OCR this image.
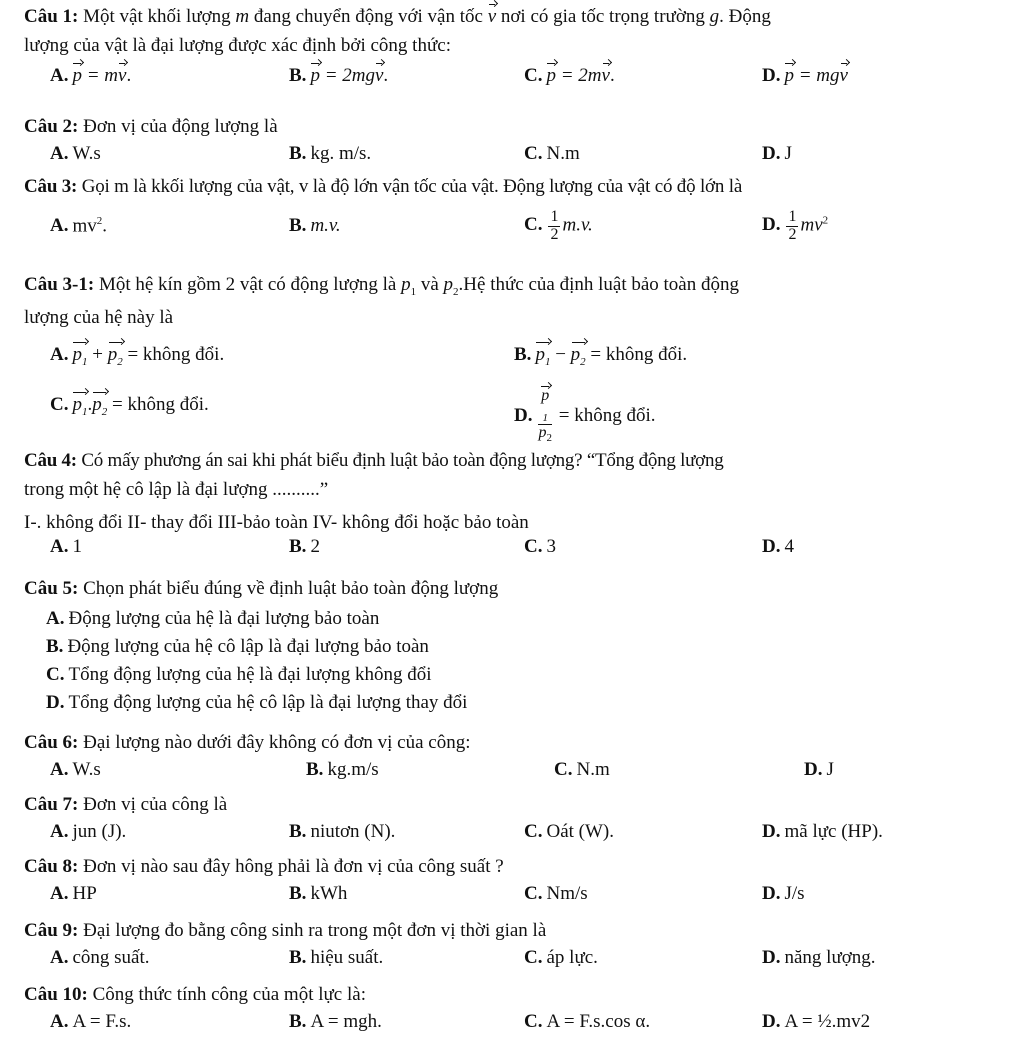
Câu 1: Một vật khối lượng m đang chuyển động với vận tốc v nơi có gia tốc trọng trường g. Động
lượng của vật là đại lượng được xác định bởi công thức:
A. p = mv.	B. p = 2mgv.	C. p = 2mv.	D. p = mgv
Câu 2: Đơn vị của động lượng là
A. W.s	B. kg. m/s.	C. N.m	D. J
Câu 3: Gọi m là kkối lượng của vật, v là độ lớn vận tốc của vật. Động lượng của vật có độ lớn là
A. $mv^2$.	B. m.v.	C. $\frac{1}{2} m.v$.	D. $\frac{1}{2} mv^2$
Câu 3-1: Một hệ kín gồm 2 vật có động lượng là $p_1$ và $p_2.Hệ$ thức của định luật bảo toàn động
lượng của hệ này là
A. $p_1 + p_2$ = không đổi.	B. $p_1 - p_2$ = không đổi.
C. $p_1.p_2$ = không đổi.
D. p
$_1$
$p_2$ = không đổi.
Câu 4: Có mấy phương án sai khi phát biểu định luật bảo toàn động lượng? “Tổng động lượng
trong một hệ cô lập là đại lượng ..........”
I-. không đổi II- thay đổi III-bảo toàn IV- không đổi hoặc bảo toàn
A. 1	B. 2	C. 3	D. 4
Câu 5: Chọn phát biểu đúng về định luật bảo toàn động lượng
A. Động lượng của hệ là đại lượng bảo toàn
B. Động lượng của hệ cô lập là đại lượng bảo toàn
C. Tổng động lượng của hệ là đại lượng không đổi
D. Tổng động lượng của hệ cô lập là đại lượng thay đổi
Câu 6: Đại lượng nào dưới đây không có đơn vị của công:
A. W.s	B. kg.m/s	C. N.m	D. J
Câu 7: Đơn vị của công là
A. jun (J).	B. niutơn (N).	C. Oát (W).	D. mã lực (HP).
Câu 8: Đơn vị nào sau đây hông phải là đơn vị của công suất ?
A. HP	B. kWh	C. Nm/s	D. J/s
Câu 9: Đại lượng đo bằng công sinh ra trong một đơn vị thời gian là
A. công suất.	B. hiệu suất.	C. áp lực.	D. năng lượng.
Câu 10: Công thức tính công của một lực là:
A. A = F.s.	B. A = mgh.	C. A = F.s.cos α.	D. A = ½.mv2
